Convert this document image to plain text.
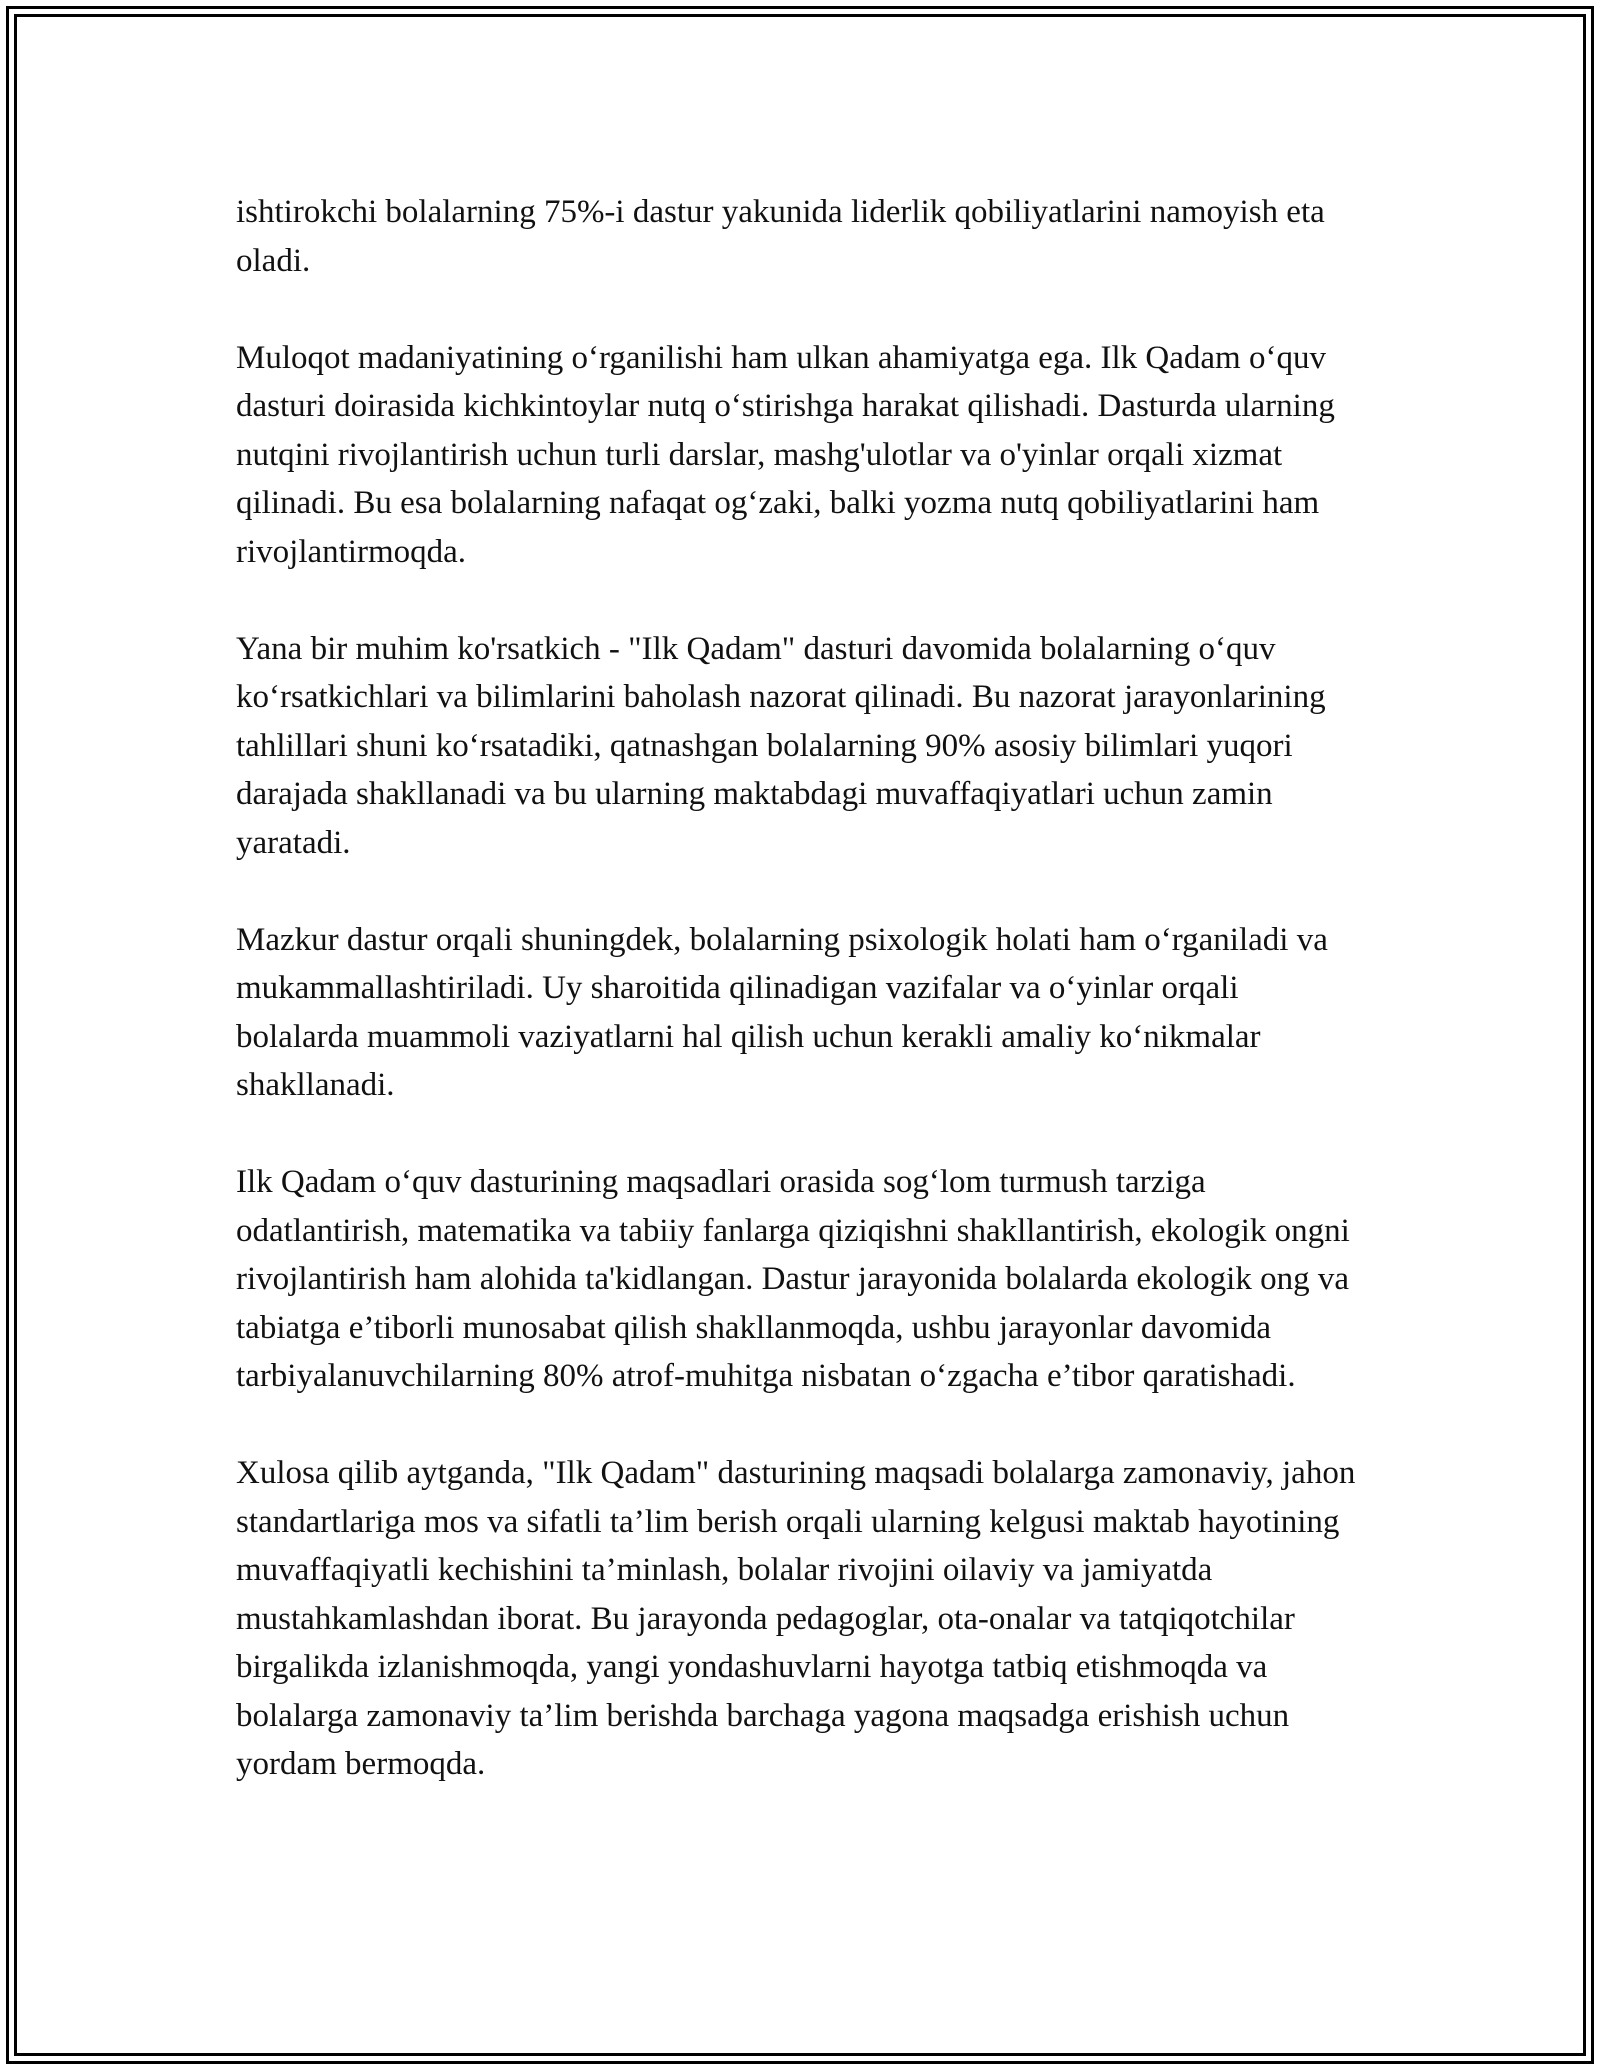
ishtirokchi bolalarning 75%-i dastur yakunida liderlik qobiliyatlarini namoyish eta oladi.

Muloqot madaniyatining oʻrganilishi ham ulkan ahamiyatga ega. Ilk Qadam oʻquv dasturi doirasida kichkintoylar nutq oʻstirishga harakat qilishadi. Dasturda ularning nutqini rivojlantirish uchun turli darslar, mashg'ulotlar va o'yinlar orqali xizmat qilinadi. Bu esa bolalarning nafaqat ogʻzaki, balki yozma nutq qobiliyatlarini ham rivojlantirmoqda.

Yana bir muhim ko'rsatkich - "Ilk Qadam" dasturi davomida bolalarning oʻquv koʻrsatkichlari va bilimlarini baholash nazorat qilinadi. Bu nazorat jarayonlarining tahlillari shuni koʻrsatadiki, qatnashgan bolalarning 90% asosiy bilimlari yuqori darajada shakllanadi va bu ularning maktabdagi muvaffaqiyatlari uchun zamin yaratadi.

Mazkur dastur orqali shuningdek, bolalarning psixologik holati ham oʻrganiladi va mukammallashtiriladi. Uy sharoitida qilinadigan vazifalar va oʻyinlar orqali bolalarda muammoli vaziyatlarni hal qilish uchun kerakli amaliy koʻnikmalar shakllanadi.

Ilk Qadam oʻquv dasturining maqsadlari orasida sogʻlom turmush tarziga odatlantirish, matematika va tabiiy fanlarga qiziqishni shakllantirish, ekologik ongni rivojlantirish ham alohida ta'kidlangan. Dastur jarayonida bolalarda ekologik ong va tabiatga e’tiborli munosabat qilish shakllanmoqda, ushbu jarayonlar davomida tarbiyalanuvchilarning 80% atrof-muhitga nisbatan oʻzgacha e’tibor qaratishadi.

Xulosa qilib aytganda, "Ilk Qadam" dasturining maqsadi bolalarga zamonaviy, jahon standartlariga mos va sifatli ta’lim berish orqali ularning kelgusi maktab hayotining muvaffaqiyatli kechishini ta’minlash, bolalar rivojini oilaviy va jamiyatda mustahkamlashdan iborat. Bu jarayonda pedagoglar, ota-onalar va tatqiqotchilar birgalikda izlanishmoqda, yangi yondashuvlarni hayotga tatbiq etishmoqda va bolalarga zamonaviy ta’lim berishda barchaga yagona maqsadga erishish uchun yordam bermoqda.
